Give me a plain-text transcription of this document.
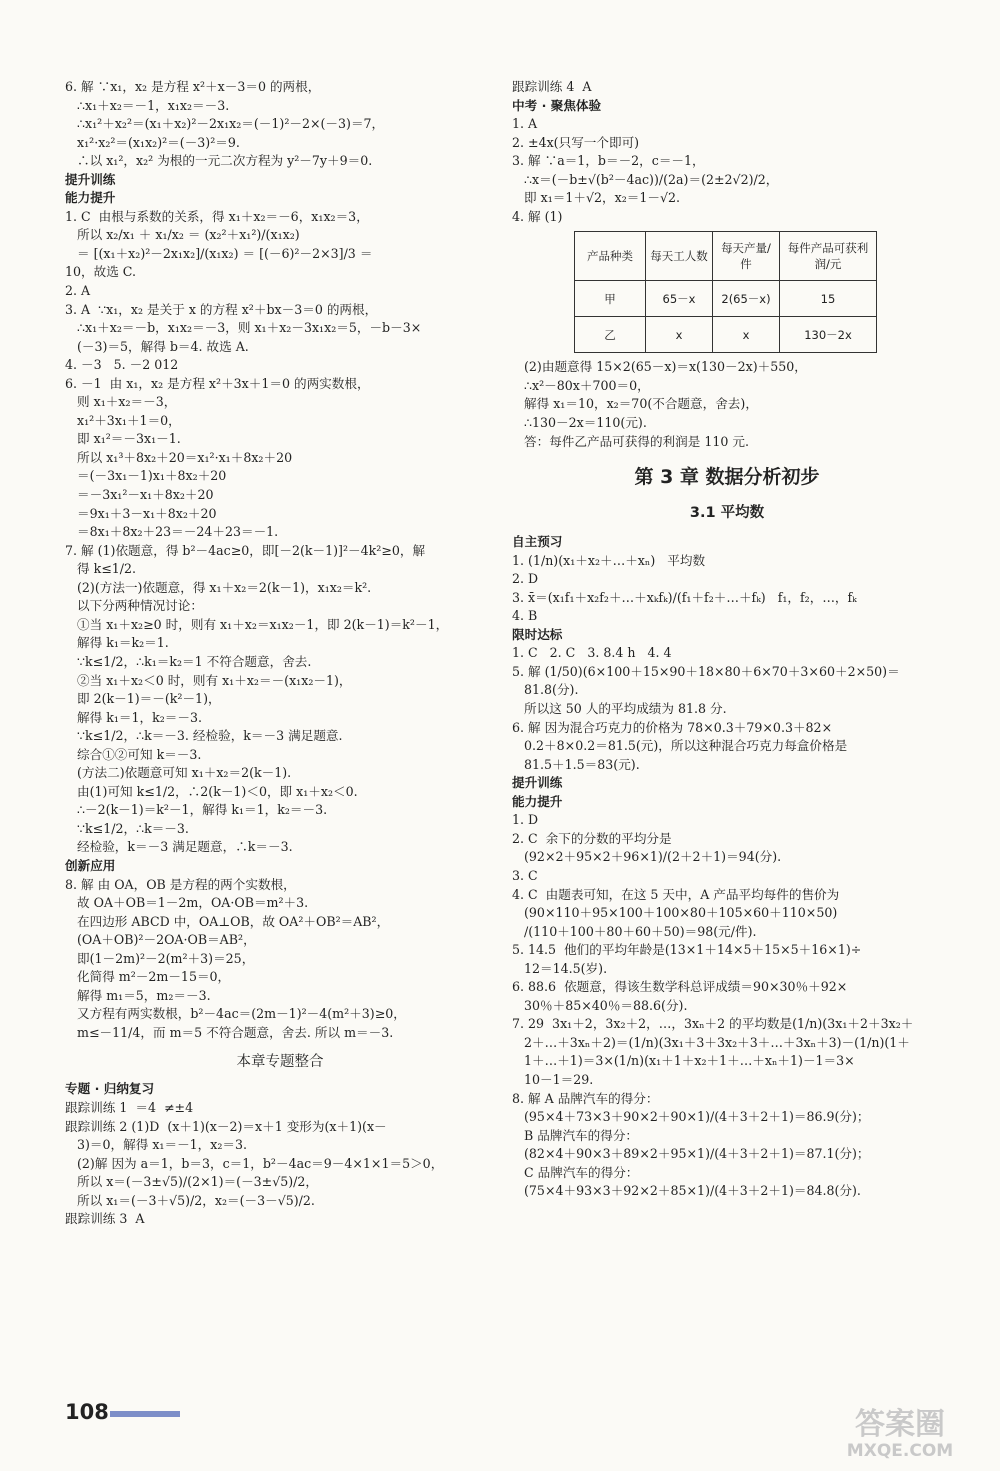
6. 解 ∵x₁，x₂ 是方程 x²＋x－3＝0 的两根，
∴x₁＋x₂＝－1，x₁x₂＝－3.
∴x₁²＋x₂²＝(x₁＋x₂)²－2x₁x₂＝(－1)²－2×(－3)＝7，
x₁²·x₂²＝(x₁x₂)²＝(－3)²＝9.
∴以 x₁²，x₂² 为根的一元二次方程为 y²－7y＋9＝0.
提升训练
能力提升
1. C  由根与系数的关系，得 x₁＋x₂＝－6，x₁x₂＝3，
所以 x₂/x₁ ＋ x₁/x₂ ＝ (x₂²＋x₁²)/(x₁x₂)
＝ [(x₁＋x₂)²－2x₁x₂]/(x₁x₂) ＝ [(－6)²－2×3]/3 ＝
10，故选 C.
2. A
3. A  ∵x₁，x₂ 是关于 x 的方程 x²＋bx－3＝0 的两根，
∴x₁＋x₂＝－b，x₁x₂＝－3，则 x₁＋x₂－3x₁x₂＝5，－b－3×
(－3)＝5，解得 b＝4. 故选 A.
4. －3   5. －2 012
6. －1  由 x₁，x₂ 是方程 x²＋3x＋1＝0 的两实数根，
则 x₁＋x₂＝－3，
x₁²＋3x₁＋1＝0，
即 x₁²＝－3x₁－1.
所以 x₁³＋8x₂＋20＝x₁²·x₁＋8x₂＋20
＝(－3x₁－1)x₁＋8x₂＋20
＝－3x₁²－x₁＋8x₂＋20
＝9x₁＋3－x₁＋8x₂＋20
＝8x₁＋8x₂＋23＝－24＋23＝－1.
7. 解 (1)依题意，得 b²－4ac≥0，即[－2(k－1)]²－4k²≥0，解
得 k≤1/2.
(2)(方法一)依题意，得 x₁＋x₂＝2(k－1)，x₁x₂＝k².
以下分两种情况讨论：
①当 x₁＋x₂≥0 时，则有 x₁＋x₂＝x₁x₂－1，即 2(k－1)＝k²－1，
解得 k₁＝k₂＝1.
∵k≤1/2，∴k₁＝k₂＝1 不符合题意，舍去.
②当 x₁＋x₂＜0 时，则有 x₁＋x₂＝－(x₁x₂－1)，
即 2(k－1)＝－(k²－1)，
解得 k₁＝1，k₂＝－3.
∵k≤1/2，∴k＝－3. 经检验，k＝－3 满足题意.
综合①②可知 k＝－3.
(方法二)依题意可知 x₁＋x₂＝2(k－1).
由(1)可知 k≤1/2，∴2(k－1)＜0，即 x₁＋x₂＜0.
∴－2(k－1)＝k²－1，解得 k₁＝1，k₂＝－3.
∵k≤1/2，∴k＝－3.
经检验，k＝－3 满足题意，∴k＝－3.
创新应用
8. 解 由 OA，OB 是方程的两个实数根，
故 OA＋OB＝1－2m，OA·OB＝m²＋3.
在四边形 ABCD 中，OA⊥OB，故 OA²＋OB²＝AB²，
(OA＋OB)²－2OA·OB＝AB²，
即(1－2m)²－2(m²＋3)＝25，
化简得 m²－2m－15＝0，
解得 m₁＝5，m₂＝－3.
又方程有两实数根，b²－4ac＝(2m－1)²－4(m²＋3)≥0，
m≤－11/4，而 m＝5 不符合题意，舍去. 所以 m＝－3.
本章专题整合
专题 · 归纳复习
跟踪训练 1  ＝4  ≠±4
跟踪训练 2 (1)D  (x＋1)(x－2)＝x＋1 变形为(x＋1)(x－
3)＝0，解得 x₁＝－1，x₂＝3.
(2)解 因为 a＝1，b＝3，c＝1，b²－4ac＝9－4×1×1＝5＞0，
所以 x＝(－3±√5)/(2×1)＝(－3±√5)/2，
所以 x₁＝(－3＋√5)/2，x₂＝(－3－√5)/2.
跟踪训练 3  A
跟踪训练 4  A
中考 · 聚焦体验
1. A
2. ±4x(只写一个即可)
3. 解 ∵a＝1，b＝－2，c＝－1，
∴x＝(－b±√(b²－4ac))/(2a)＝(2±2√2)/2，
即 x₁＝1＋√2，x₂＝1－√2.
4. 解 (1)
产品种类	每天工人数	每天产量/件	每件产品可获利润/元
甲	65－x	2(65－x)	15
乙	x	x	130－2x
(2)由题意得 15×2(65－x)＝x(130－2x)＋550，
∴x²－80x＋700＝0，
解得 x₁＝10，x₂＝70(不合题意，舍去)，
∴130－2x＝110(元).
答：每件乙产品可获得的利润是 110 元.
第 3 章 数据分析初步
3.1 平均数
自主预习
1. (1/n)(x₁＋x₂＋…＋xₙ)   平均数
2. D
3. x̄＝(x₁f₁＋x₂f₂＋…＋xₖfₖ)/(f₁＋f₂＋…＋fₖ)   f₁，f₂，…，fₖ
4. B
限时达标
1. C   2. C   3. 8.4 h   4. 4
5. 解 (1/50)(6×100＋15×90＋18×80＋6×70＋3×60＋2×50)＝
81.8(分).
所以这 50 人的平均成绩为 81.8 分.
6. 解 因为混合巧克力的价格为 78×0.3＋79×0.3＋82×
0.2＋8×0.2＝81.5(元)，所以这种混合巧克力每盒价格是
81.5＋1.5＝83(元).
提升训练
能力提升
1. D
2. C  余下的分数的平均分是
(92×2＋95×2＋96×1)/(2＋2＋1)＝94(分).
3. C
4. C  由题表可知，在这 5 天中，A 产品平均每件的售价为
(90×110＋95×100＋100×80＋105×60＋110×50)
/(110＋100＋80＋60＋50)＝98(元/件).
5. 14.5  他们的平均年龄是(13×1＋14×5＋15×5＋16×1)÷
12＝14.5(岁).
6. 88.6  依题意，得该生数学科总评成绩＝90×30％＋92×
30％＋85×40％＝88.6(分).
7. 29  3x₁＋2，3x₂＋2，…，3xₙ＋2 的平均数是(1/n)(3x₁＋2＋3x₂＋
2＋…＋3xₙ＋2)＝(1/n)(3x₁＋3＋3x₂＋3＋…＋3xₙ＋3)－(1/n)(1＋
1＋…＋1)＝3×(1/n)(x₁＋1＋x₂＋1＋…＋xₙ＋1)－1＝3×
10－1＝29.
8. 解 A 品牌汽车的得分：
(95×4＋73×3＋90×2＋90×1)/(4＋3＋2＋1)＝86.9(分)；
B 品牌汽车的得分：
(82×4＋90×3＋89×2＋95×1)/(4＋3＋2＋1)＝87.1(分)；
C 品牌汽车的得分：
(75×4＋93×3＋92×2＋85×1)/(4＋3＋2＋1)＝84.8(分).
108	答案圈
MXQE.COM
